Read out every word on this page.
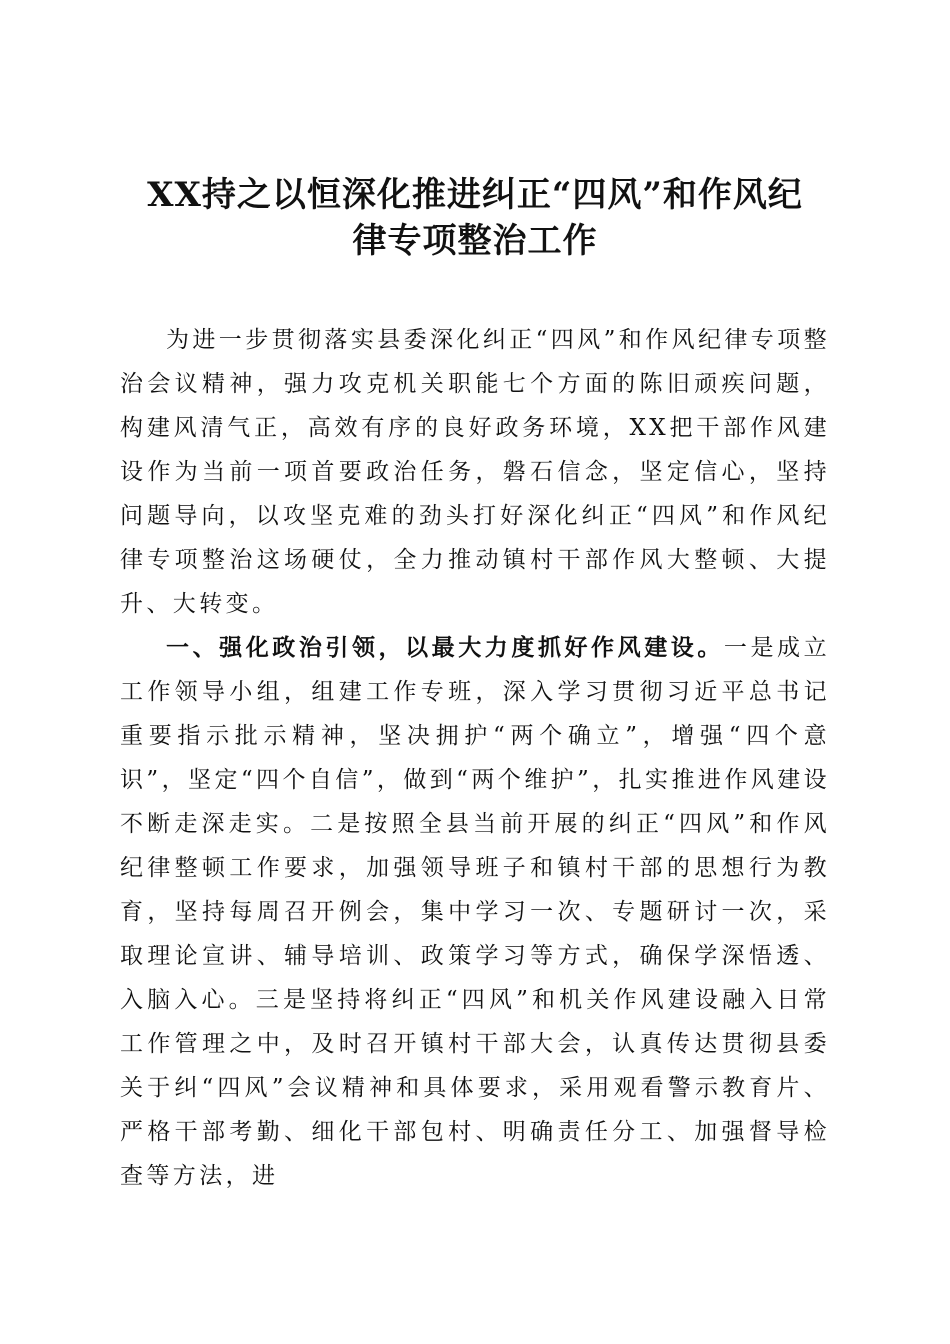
XX持之以恒深化推进纠正“四风”和作风纪
律专项整治工作

为进一步贯彻落实县委深化纠正“四风”和作风纪律专项整治会议精神，强力攻克机关职能七个方面的陈旧顽疾问题，构建风清气正，高效有序的良好政务环境，XX把干部作风建设作为当前一项首要政治任务，磐石信念，坚定信心，坚持问题导向，以攻坚克难的劲头打好深化纠正“四风”和作风纪律专项整治这场硬仗，全力推动镇村干部作风大整顿、大提升、大转变。

一、强化政治引领，以最大力度抓好作风建设。一是成立工作领导小组，组建工作专班，深入学习贯彻习近平总书记重要指示批示精神，坚决拥护“两个确立”，增强“四个意识”，坚定“四个自信”，做到“两个维护”，扎实推进作风建设不断走深走实。二是按照全县当前开展的纠正“四风”和作风纪律整顿工作要求，加强领导班子和镇村干部的思想行为教育，坚持每周召开例会，集中学习一次、专题研讨一次，采取理论宣讲、辅导培训、政策学习等方式，确保学深悟透、入脑入心。三是坚持将纠正“四风”和机关作风建设融入日常工作管理之中，及时召开镇村干部大会，认真传达贯彻县委关于纠“四风”会议精神和具体要求，采用观看警示教育片、严格干部考勤、细化干部包村、明确责任分工、加强督导检查等方法，进
